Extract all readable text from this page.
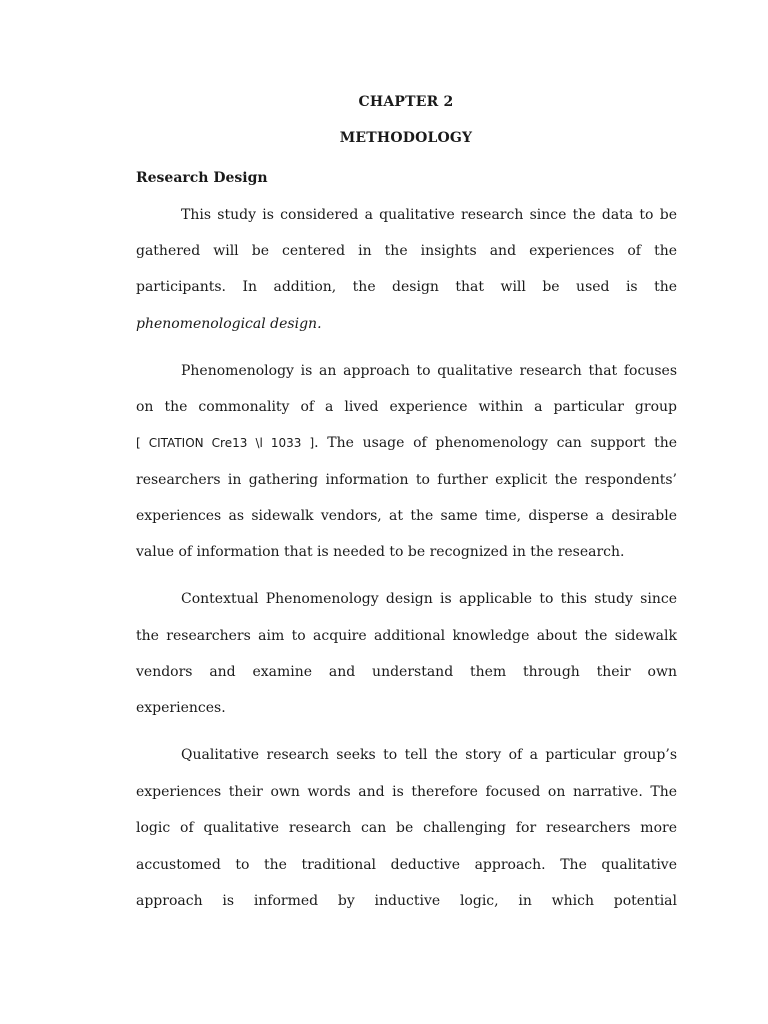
CHAPTER 2
METHODOLOGY
Research Design
This study is considered a qualitative research since the data to be
gathered will be centered in the insights and experiences of the
participants. In addition, the design that will be used is the
phenomenological design.
Phenomenology is an approach to qualitative research that focuses
on the commonality of a lived experience within a particular group
[ CITATION Cre13 \l 1033 ]. The usage of phenomenology can support the
researchers in gathering information to further explicit the respondents’
experiences as sidewalk vendors, at the same time, disperse a desirable
value of information that is needed to be recognized in the research.
Contextual Phenomenology design is applicable to this study since
the researchers aim to acquire additional knowledge about the sidewalk
vendors and examine and understand them through their own
experiences.
Qualitative research seeks to tell the story of a particular group’s
experiences their own words and is therefore focused on narrative. The
logic of qualitative research can be challenging for researchers more
accustomed to the traditional deductive approach. The qualitative
approach is informed by inductive logic, in which potential
